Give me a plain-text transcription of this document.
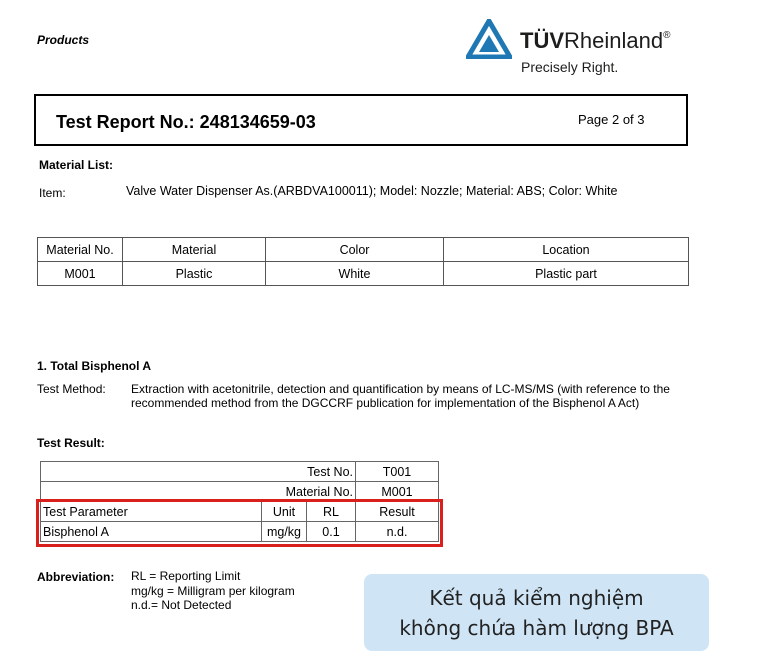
Products	TÜVRheinland®
Precisely Right.
Test Report No.: 248134659-03	Page 2 of 3
Material List:
Item:	Valve Water Dispenser As.(ARBDVA100011); Model: Nozzle; Material: ABS; Color: White
Material No.	Material	Color	Location
M001	Plastic	White	Plastic part
1. Total Bisphenol A
Test Method: Extraction with acetonitrile, detection and quantification by means of LC-MS/MS (with reference to the recommended method from the DGCCRF publication for implementation of the Bisphenol A Act)
Test Result:
Test No.			T001
Material No.			M001
Test Parameter	Unit	RL	Result
Bisphenol A	mg/kg	0.1	n.d.
Abbreviation: RL = Reporting Limit
mg/kg = Milligram per kilogram
n.d.= Not Detected	Kết quả kiểm nghiệm
không chứa hàm lượng BPA
